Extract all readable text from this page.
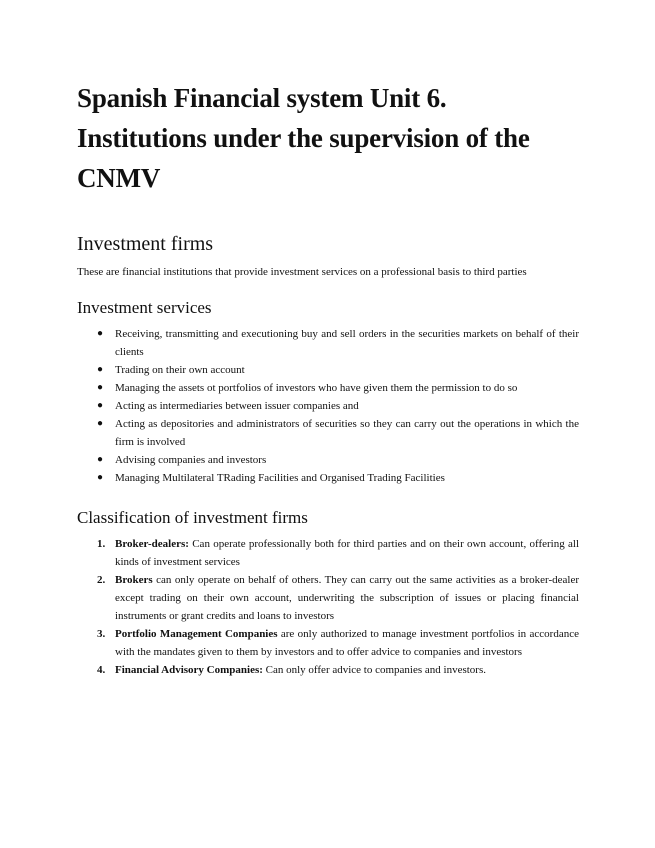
Spanish Financial system Unit 6. Institutions under the supervision of the CNMV
Investment firms

These are financial institutions that provide investment services on a professional basis to third parties

Investment services
● Receiving, transmitting and executioning buy and sell orders in the securities markets on behalf of their clients
● Trading on their own account
● Managing the assets ot portfolios of investors who have given them the permission to do so
● Acting as intermediaries between issuer companies and
● Acting as depositories and administrators of securities so they can carry out the operations in which the firm is involved
● Advising companies and investors
● Managing Multilateral TRading Facilities and Organised Trading Facilities
Classification of investment firms
1. Broker-dealers: Can operate professionally both for third parties and on their own account, offering all kinds of investment services
2. Brokers can only operate on behalf of others. They can carry out the same activities as a broker-dealer except trading on their own account, underwriting the subscription of issues or placing financial instruments or grant credits and loans to investors
3. Portfolio Management Companies are only authorized to manage investment portfolios in accordance with the mandates given to them by investors and to offer advice to companies and investors
4. Financial Advisory Companies: Can only offer advice to companies and investors.
